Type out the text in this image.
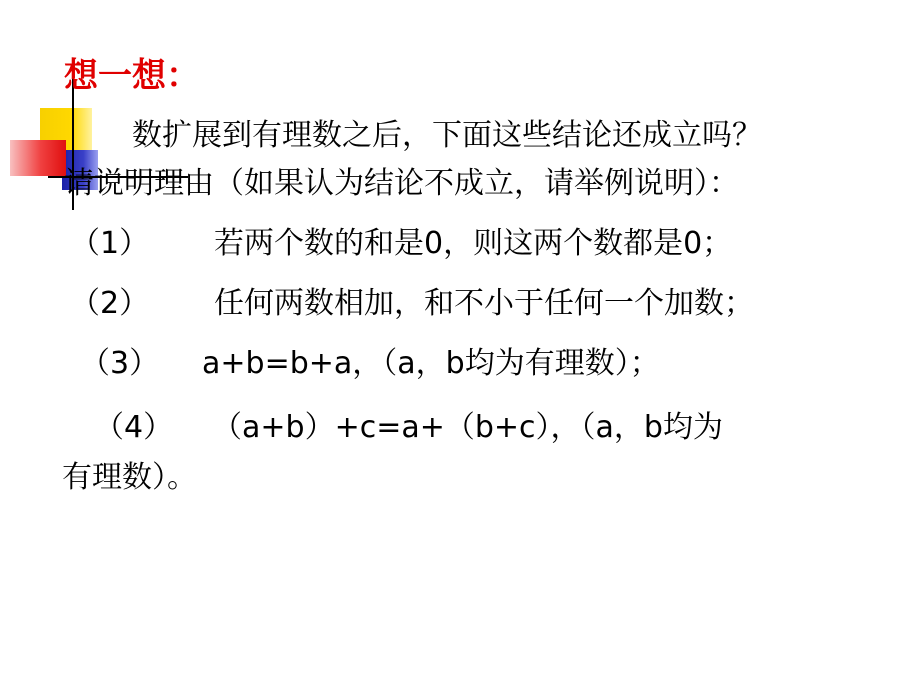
想一想：
数扩展到有理数之后，下面这些结论还成立吗？
请说明理由（如果认为结论不成立，请举例说明）：
（1） 若两个数的和是0，则这两个数都是0；
（2） 任何两数相加，和不小于任何一个加数；
（3） a+b=b+a，（a，b均为有理数）；
（4） （a+b）+c=a+（b+c），（a，b均为
有理数）。
